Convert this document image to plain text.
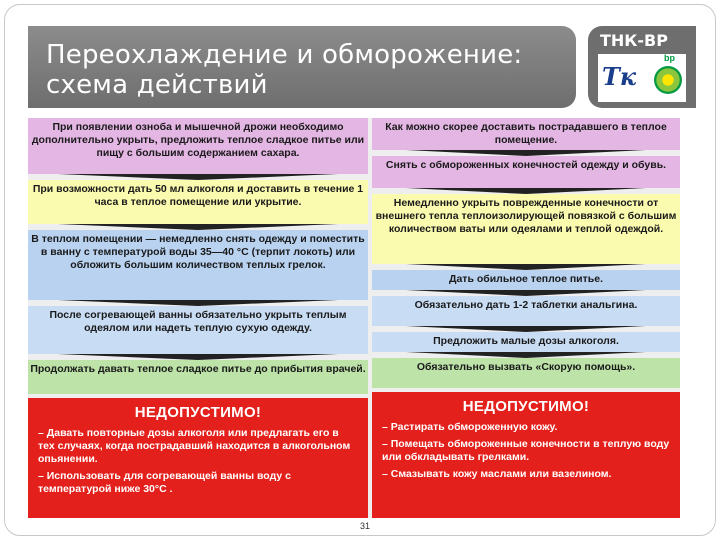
Переохлаждение и обморожение:
схема действий
ТНК-BP
Тк
bp
При появлении озноба и мышечной дрожи необходимо дополнительно укрыть, предложить теплое сладкое питье или пищу с большим содержанием сахара.
При возможности дать 50 мл алкоголя и доставить в течение 1 часа в теплое помещение или укрытие.
В теплом помещении — немедленно снять одежду и поместить в ванну с температурой воды 35—40 °С (терпит локоть) или обложить большим количеством теплых грелок.
После согревающей ванны обязательно укрыть теплым одеялом или надеть теплую сухую одежду.
Продолжать давать теплое сладкое питье до прибытия врачей.
НЕДОПУСТИМО!
– Давать повторные дозы алкоголя или предлагать его в тех случаях, когда пострадавший находится в алкогольном опьянении.
– Использовать для согревающей ванны воду с температурой ниже 30°С .
Как можно скорее доставить пострадавшего в теплое помещение.
Снять с обмороженных конечностей одежду и обувь.
Немедленно укрыть поврежденные конечности от внешнего тепла теплоизолирующей повязкой с большим количеством ваты или одеялами и теплой одеждой.
Дать обильное теплое питье.
Обязательно дать 1-2 таблетки анальгина.
Предложить малые дозы алкоголя.
Обязательно вызвать «Скорую помощь».
НЕДОПУСТИМО!
– Растирать обмороженную кожу.
– Помещать обмороженные конечности в теплую воду или обкладывать грелками.
– Смазывать кожу маслами или вазелином.
31
